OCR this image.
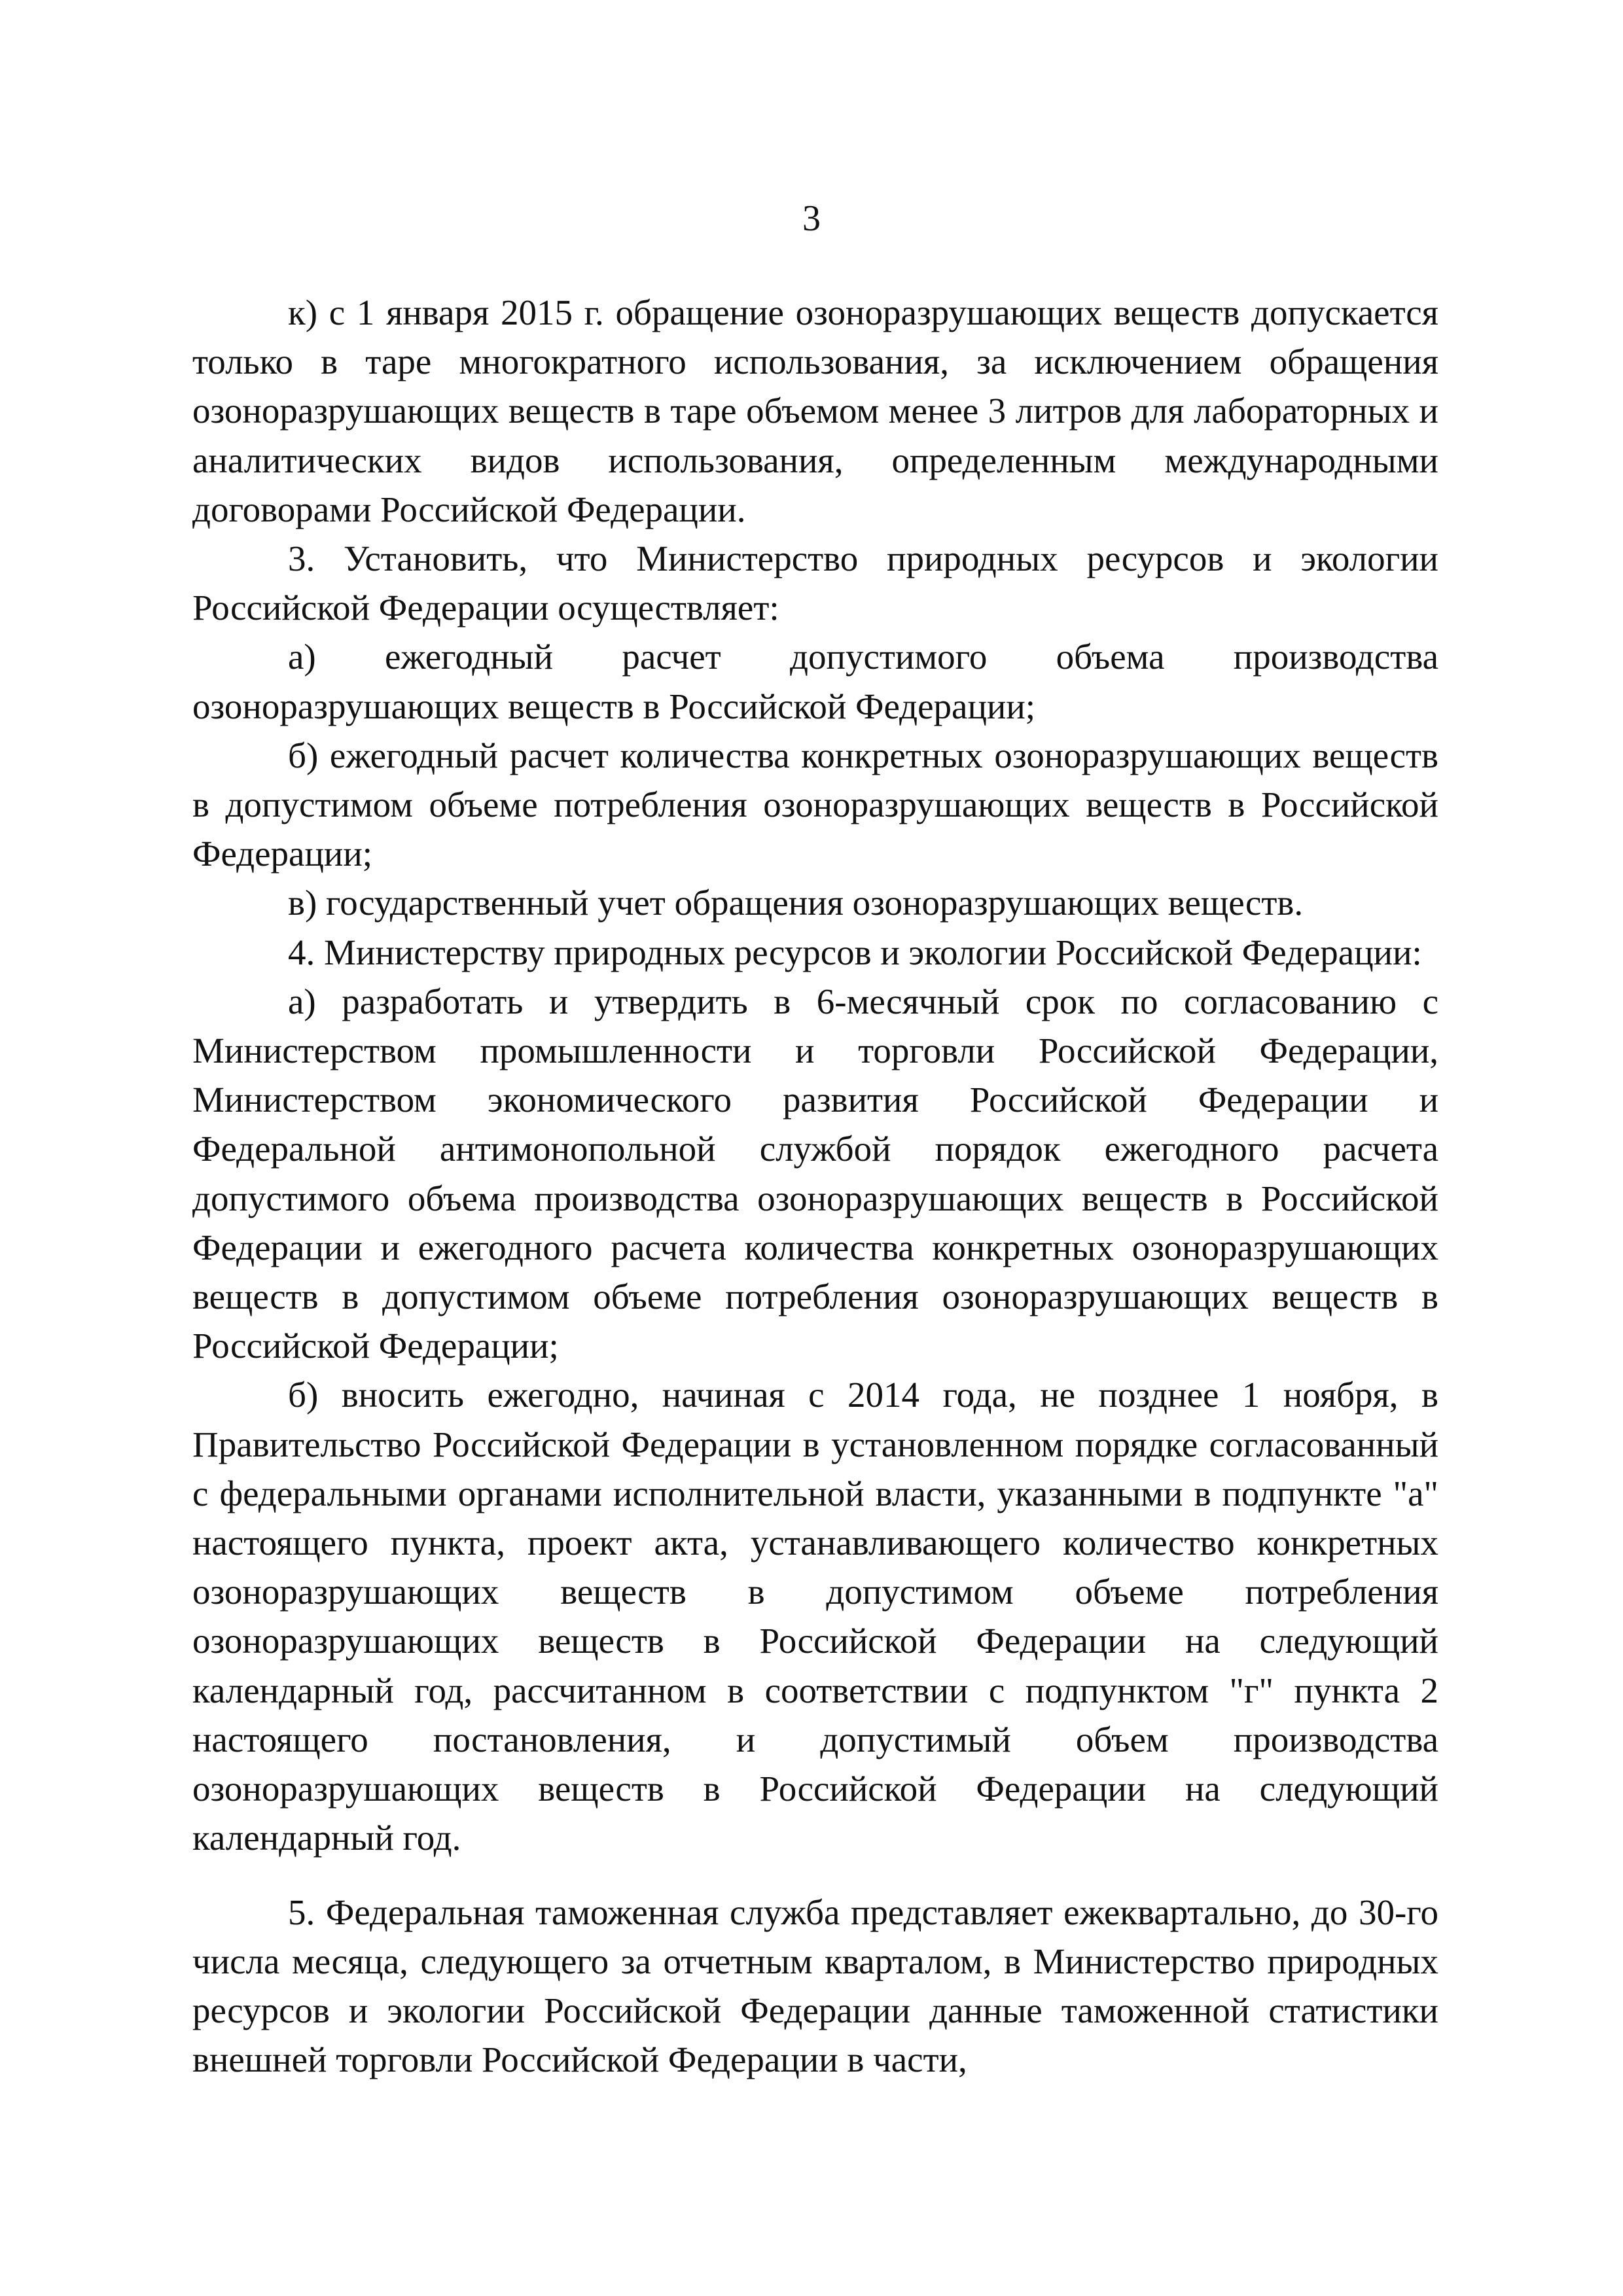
3

к) с 1 января 2015 г. обращение озоноразрушающих веществ допускается только в таре многократного использования, за исключением обращения озоноразрушающих веществ в таре объемом менее 3 литров для лабораторных и аналитических видов использования, определенным международными договорами Российской Федерации.

3. Установить, что Министерство природных ресурсов и экологии Российской Федерации осуществляет:

а) ежегодный расчет допустимого объема производства озоноразрушающих веществ в Российской Федерации;

б) ежегодный расчет количества конкретных озоноразрушающих веществ в допустимом объеме потребления озоноразрушающих веществ в Российской Федерации;

в) государственный учет обращения озоноразрушающих веществ.

4. Министерству природных ресурсов и экологии Российской Федерации:

а) разработать и утвердить в 6-месячный срок по согласованию с Министерством промышленности и торговли Российской Федерации, Министерством экономического развития Российской Федерации и Федеральной антимонопольной службой порядок ежегодного расчета допустимого объема производства озоноразрушающих веществ в Российской Федерации и ежегодного расчета количества конкретных озоноразрушающих веществ в допустимом объеме потребления озоноразрушающих веществ в Российской Федерации;

б) вносить ежегодно, начиная с 2014 года, не позднее 1 ноября, в Правительство Российской Федерации в установленном порядке согласованный с федеральными органами исполнительной власти, указанными в подпункте "а" настоящего пункта, проект акта, устанавливающего количество конкретных озоноразрушающих веществ в допустимом объеме потребления озоноразрушающих веществ в Российской Федерации на следующий календарный год, рассчитанном в соответствии с подпунктом "г" пункта 2 настоящего постановления, и допустимый объем производства озоноразрушающих веществ в Российской Федерации на следующий календарный год.

5. Федеральная таможенная служба представляет ежеквартально, до 30-го числа месяца, следующего за отчетным кварталом, в Министерство природных ресурсов и экологии Российской Федерации данные таможенной статистики внешней торговли Российской Федерации в части,
